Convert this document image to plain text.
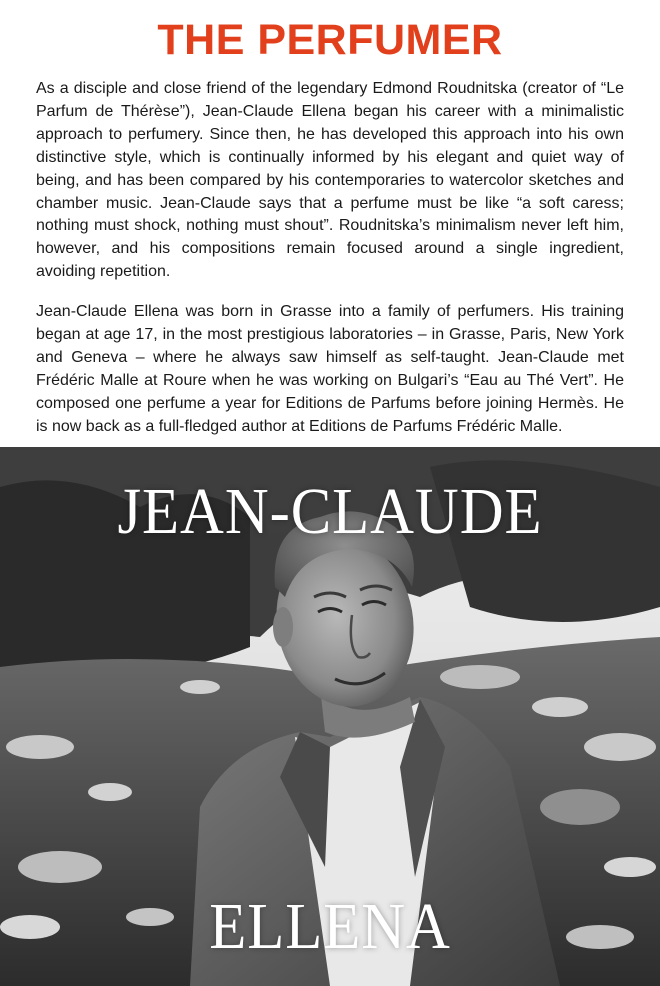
THE PERFUMER

As a disciple and close friend of the legendary Edmond Roudnitska (creator of “Le Parfum de Thérèse”), Jean-Claude Ellena began his career with a minimalistic approach to perfumery. Since then, he has developed this approach into his own distinctive style, which is continually informed by his elegant and quiet way of being, and has been compared by his contemporaries to watercolor sketches and chamber music. Jean-Claude says that a perfume must be like “a soft caress; nothing must shock, nothing must shout”. Roudnitska’s minimalism never left him, however, and his compositions remain focused around a single ingredient, avoiding repetition.

Jean-Claude Ellena was born in Grasse into a family of perfumers. His training began at age 17, in the most prestigious laboratories – in Grasse, Paris, New York and Geneva – where he always saw himself as self-taught. Jean-Claude met Frédéric Malle at Roure when he was working on Bulgari’s “Eau au Thé Vert”. He composed one perfume a year for Editions de Parfums before joining Hermès. He is now back as a full-fledged author at Editions de Parfums Frédéric Malle.

JEAN-CLAUDE
ELLENA
